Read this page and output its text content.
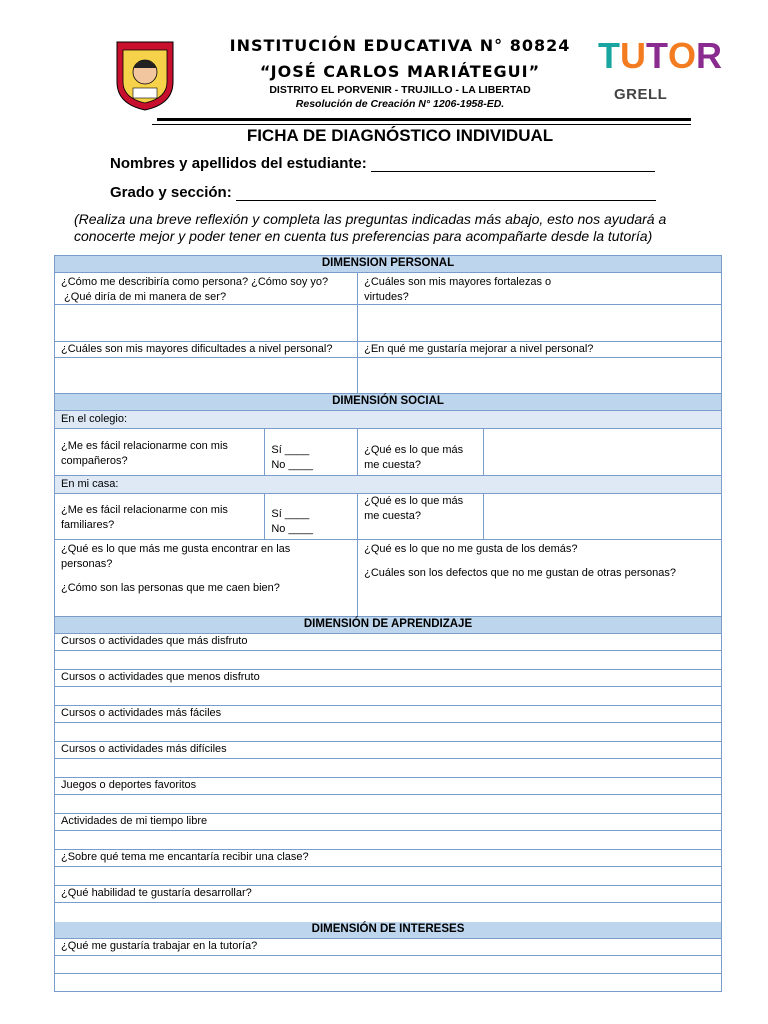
INSTITUCIÓN EDUCATIVA N° 80824
“JOSÉ CARLOS MARIÁTEGUI”
DISTRITO EL PORVENIR - TRUJILLO - LA LIBERTAD
Resolución de Creación N° 1206-1958-ED.
T U T O R
GRELL
FICHA DE DIAGNÓSTICO INDIVIDUAL
Nombres y apellidos del estudiante:
Grado y sección:
(Realiza una breve reflexión y completa las preguntas indicadas más abajo, esto nos ayudará a conocerte mejor y poder tener en cuenta tus preferencias para acompañarte desde la tutoría)
DIMENSION PERSONAL
¿Cómo me describiría como persona? ¿Cómo soy yo?
¿Qué diría de mi manera de ser?
¿Cuáles son mis mayores fortalezas o
virtudes?
¿Cuáles son mis mayores dificultades a nivel personal?	¿En qué me gustaría mejorar a nivel personal?
DIMENSIÓN SOCIAL
En el colegio:
¿Me es fácil relacionarme con mis
compañeros?
Sí ____
No ____
¿Qué es lo que más
me cuesta?
En mi casa:
¿Me es fácil relacionarme con mis
familiares?
Sí ____
No ____
¿Qué es lo que más
me cuesta?
¿Qué es lo que más me gusta encontrar en las
personas?
¿Cómo son las personas que me caen bien?
¿Qué es lo que no me gusta de los demás?
¿Cuáles son los defectos que no me gustan de otras personas?
DIMENSIÓN DE APRENDIZAJE
Cursos o actividades que más disfruto
Cursos o actividades que menos disfruto
Cursos o actividades más fáciles
Cursos o actividades más difíciles
Juegos o deportes favoritos
Actividades de mi tiempo libre
¿Sobre qué tema me encantaría recibir una clase?
¿Qué habilidad te gustaría desarrollar?
DIMENSIÓN DE INTERESES
¿Qué me gustaría trabajar en la tutoría?
